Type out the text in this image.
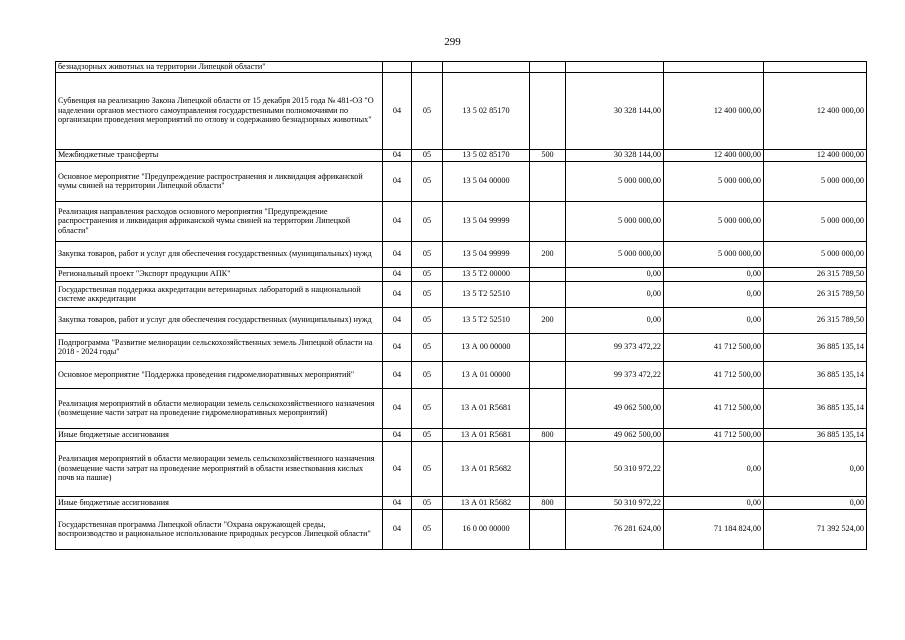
299
безнадзорных животных на территории Липецкой области"							
Субвенция на реализацию Закона Липецкой области от 15 декабря 2015 года № 481-ОЗ "О наделении органов местного самоуправления государственными полномочиями по организации проведения мероприятий по отлову и содержанию безнадзорных животных"	04	05	13 5 02 85170		30 328 144,00	12 400 000,00	12 400 000,00
Межбюджетные трансферты	04	05	13 5 02 85170	500	30 328 144,00	12 400 000,00	12 400 000,00
Основное мероприятие "Предупреждение распространения и ликвидация африканской чумы свиней на территории Липецкой области"	04	05	13 5 04 00000		5 000 000,00	5 000 000,00	5 000 000,00
Реализация направления расходов основного мероприятия "Предупреждение распространения и ликвидация африканской чумы свиней на территории Липецкой области"	04	05	13 5 04 99999		5 000 000,00	5 000 000,00	5 000 000,00
Закупка товаров, работ и услуг для обеспечения государственных (муниципальных) нужд	04	05	13 5 04 99999	200	5 000 000,00	5 000 000,00	5 000 000,00
Региональный проект "Экспорт продукции АПК"	04	05	13 5 T2 00000		0,00	0,00	26 315 789,50
Государственная поддержка аккредитации ветеринарных лабораторий в национальной системе аккредитации	04	05	13 5 T2 52510		0,00	0,00	26 315 789,50
Закупка товаров, работ и услуг для обеспечения государственных (муниципальных) нужд	04	05	13 5 T2 52510	200	0,00	0,00	26 315 789,50
Подпрограмма "Развитие мелиорации сельскохозяйственных земель Липецкой области на 2018 - 2024 годы"	04	05	13 А 00 00000		99 373 472,22	41 712 500,00	36 885 135,14
Основное мероприятие "Поддержка проведения гидромелиоративных мероприятий"	04	05	13 А 01 00000		99 373 472,22	41 712 500,00	36 885 135,14
Реализация мероприятий в области мелиорации земель сельскохозяйственного назначения (возмещение части затрат на проведение гидромелиоративных мероприятий)	04	05	13 А 01 R5681		49 062 500,00	41 712 500,00	36 885 135,14
Иные бюджетные ассигнования	04	05	13 А 01 R5681	800	49 062 500,00	41 712 500,00	36 885 135,14
Реализация мероприятий в области мелиорации земель сельскохозяйственного назначения (возмещение части затрат на проведение мероприятий в области известкования кислых почв на пашне)	04	05	13 А 01 R5682		50 310 972,22	0,00	0,00
Иные бюджетные ассигнования	04	05	13 А 01 R5682	800	50 310 972,22	0,00	0,00
Государственная программа Липецкой области "Охрана окружающей среды, воспроизводство и рациональное использование природных ресурсов Липецкой области"	04	05	16 0 00 00000		76 281 624,00	71 184 824,00	71 392 524,00
